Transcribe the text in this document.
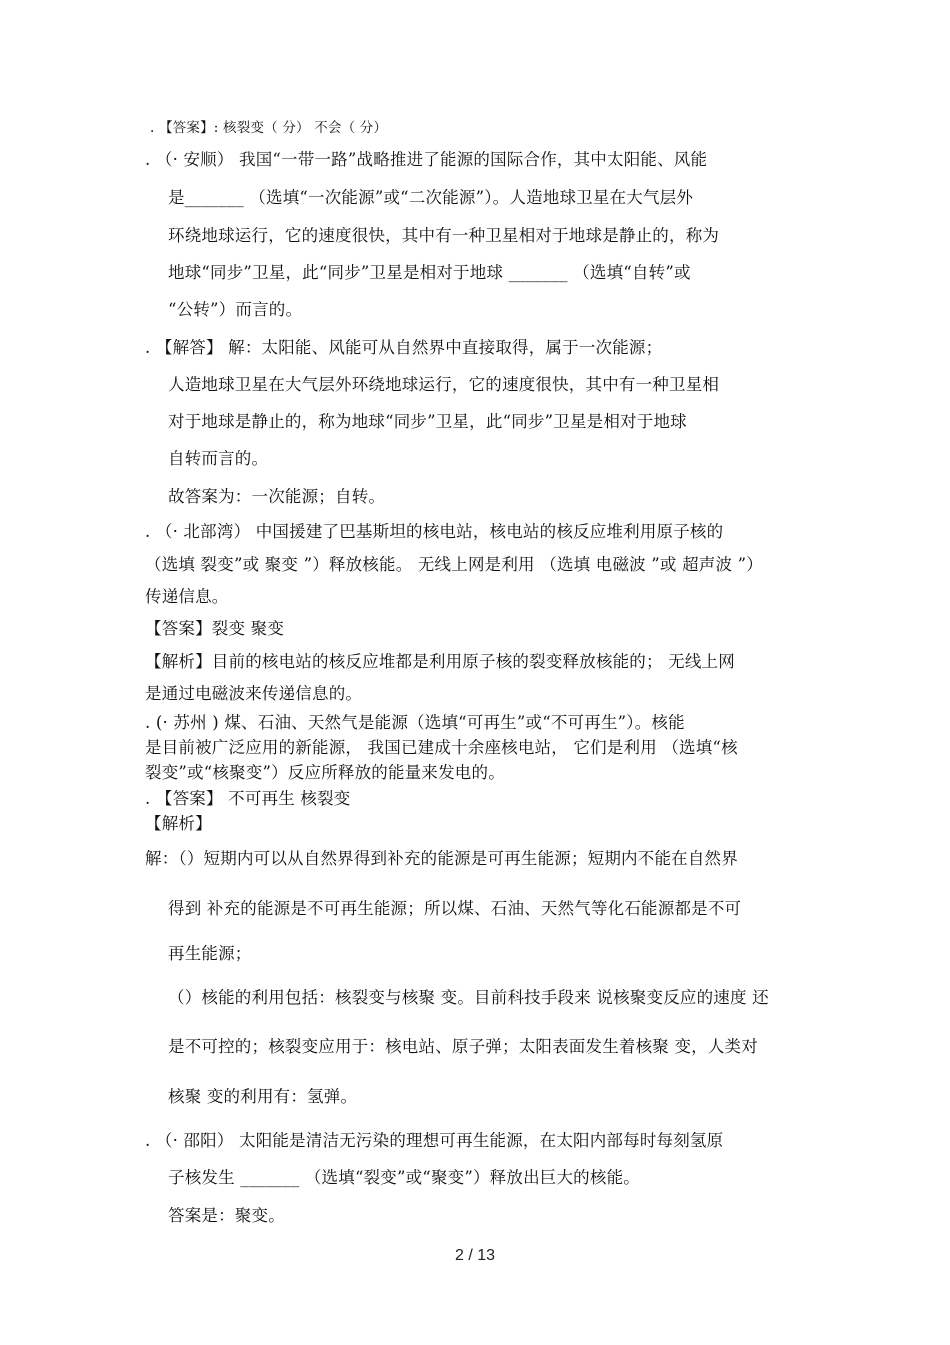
. 【答案】: 核裂变（ 分） 不会（ 分）
. （· 安顺） 我国“一带一路”战略推进了能源的国际合作，其中太阳能、风能
是_______ （选填“一次能源”或“二次能源”）。人造地球卫星在大气层外
环绕地球运行，它的速度很快，其中有一种卫星相对于地球是静止的，称为
地球“同步”卫星，此“同步”卫星是相对于地球 _______ （选填“自转”或
“公转”）而言的。
. 【解答】 解：太阳能、风能可从自然界中直接取得，属于一次能源；
人造地球卫星在大气层外环绕地球运行，它的速度很快，其中有一种卫星相
对于地球是静止的，称为地球“同步”卫星，此“同步”卫星是相对于地球
自转而言的。
故答案为：一次能源；自转。
. （· 北部湾） 中国援建了巴基斯坦的核电站，核电站的核反应堆利用原子核的
（选填 裂变”或 聚变 ”）释放核能。 无线上网是利用 （选填 电磁波 ”或 超声波 ”）
传递信息。
【答案】裂变 聚变
【解析】目前的核电站的核反应堆都是利用原子核的裂变释放核能的； 无线上网
是通过电磁波来传递信息的。
. (· 苏州 ) 煤、石油、天然气是能源（选填“可再生”或“不可再生”）。核能
是目前被广泛应用的新能源， 我国已建成十余座核电站， 它们是利用 （选填“核
裂变”或“核聚变”）反应所释放的能量来发电的。
. 【答案】 不可再生 核裂变
【解析】
解：（）短期内可以从自然界得到补充的能源是可再生能源；短期内不能在自然界
得到 补充的能源是不可再生能源；所以煤、石油、天然气等化石能源都是不可
再生能源；
（）核能的利用包括：核裂变与核聚 变。目前科技手段来 说核聚变反应的速度 还
是不可控的；核裂变应用于：核电站、原子弹；太阳表面发生着核聚 变，人类对
核聚 变的利用有：氢弹。
. （· 邵阳） 太阳能是清洁无污染的理想可再生能源，在太阳内部每时每刻氢原
子核发生 _______ （选填“裂变”或“聚变”）释放出巨大的核能。
答案是：聚变。
2 / 13
